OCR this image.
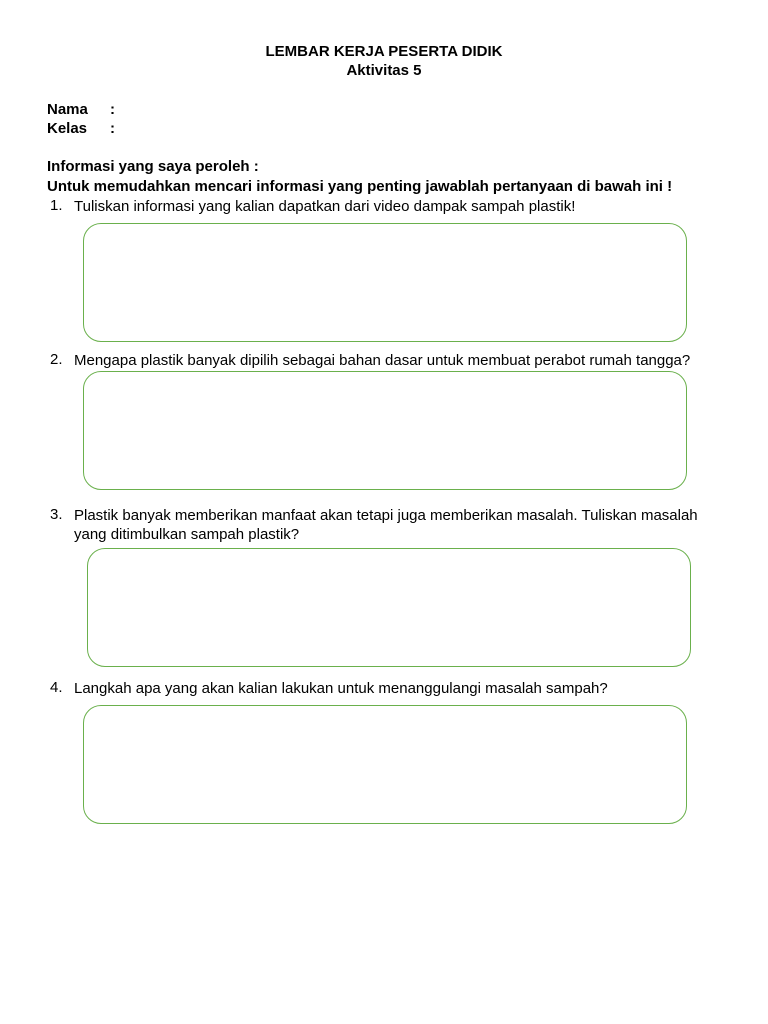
LEMBAR KERJA PESERTA DIDIK
Aktivitas 5
Nama :
Kelas :
Informasi yang saya peroleh :
Untuk memudahkan mencari informasi yang penting jawablah pertanyaan di bawah ini !
1. Tuliskan informasi yang kalian dapatkan dari video dampak sampah plastik!
2. Mengapa plastik banyak dipilih sebagai bahan dasar untuk membuat perabot rumah tangga?
3. Plastik banyak memberikan manfaat akan tetapi juga memberikan masalah. Tuliskan masalah yang ditimbulkan sampah plastik?
4. Langkah apa yang akan kalian lakukan untuk menanggulangi masalah sampah?
